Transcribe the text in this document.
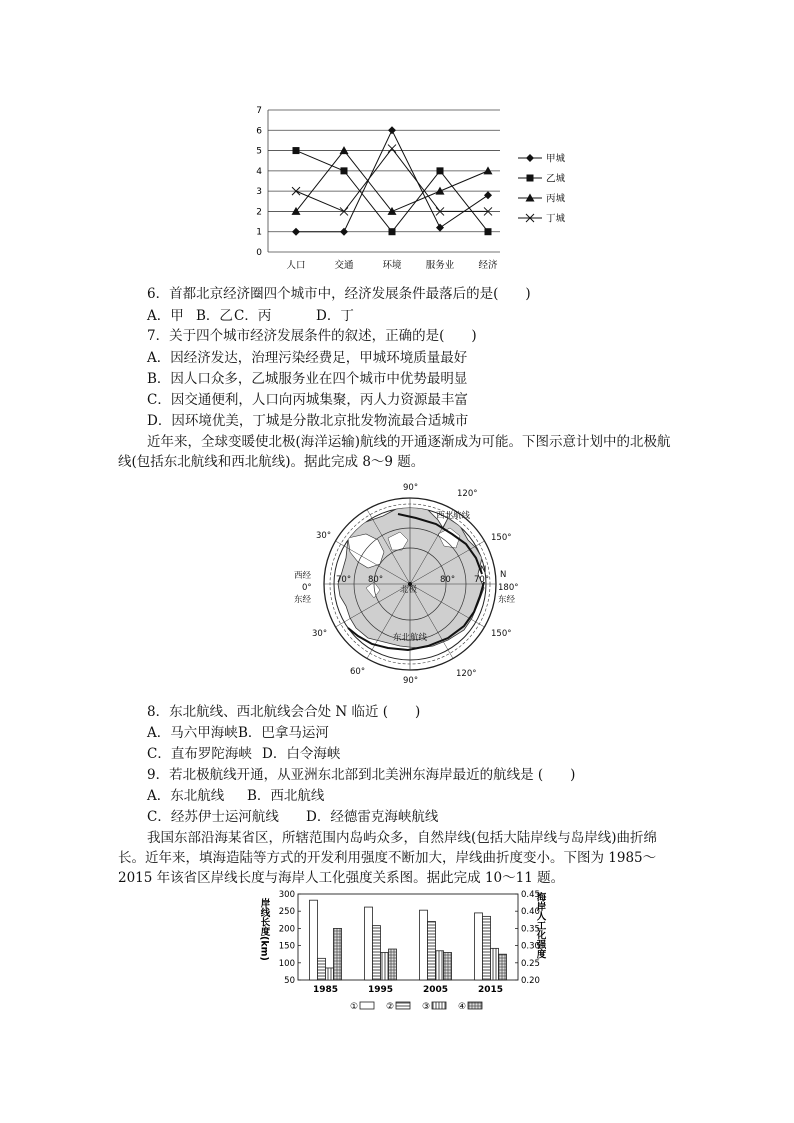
0
1
2
3
4
5
6
7
人口	交通	环境	服务业	经济
甲城
乙城
丙城
丁城
6．首都北京经济圈四个城市中，经济发展条件最落后的是(　　)
A．甲 B．乙 C．丙	D．丁
7．关于四个城市经济发展条件的叙述，正确的是(　　)
A．因经济发达，治理污染经费足，甲城环境质量最好
B．因人口众多，乙城服务业在四个城市中优势最明显
C．因交通便利，人口向丙城集聚，丙人力资源最丰富
D．因环境优美，丁城是分散北京批发物流最合适城市
近年来，全球变暖使北极(海洋运输)航线的开通逐渐成为可能。下图示意计划中的北极航线(包括东北航线和西北航线)。据此完成 8～9 题。
90°
90°
120°
120°
150°
150°
180°
N
东经
西经
0°
东经
30°
30°
60°
70° 80°	80° 70°
北极
西北航线
东北航线
N
8．东北航线、西北航线会合处 N 临近 (　　)
A．马六甲海峡 B．巴拿马运河
C．直布罗陀海峡 D．白令海峡
9．若北极航线开通，从亚洲东北部到北美洲东海岸最近的航线是 (　　)
A．东北航线 B．西北航线
C．经苏伊士运河航线 D．经德雷克海峡航线
我国东部沿海某省区，所辖范围内岛屿众多，自然岸线(包括大陆岸线与岛岸线)曲折绵长。近年来，填海造陆等方式的开发利用强度不断加大，岸线曲折度变小。下图为 1985～2015 年该省区岸线长度与海岸人工化强度关系图。据此完成 10～11 题。
300
250
200
150
100
50
0.45
0.40
0.35
0.30
0.25
0.20
岸线长度(km)	海岸人工化强度
1985	1995	2005	2015
①	②	③	④
